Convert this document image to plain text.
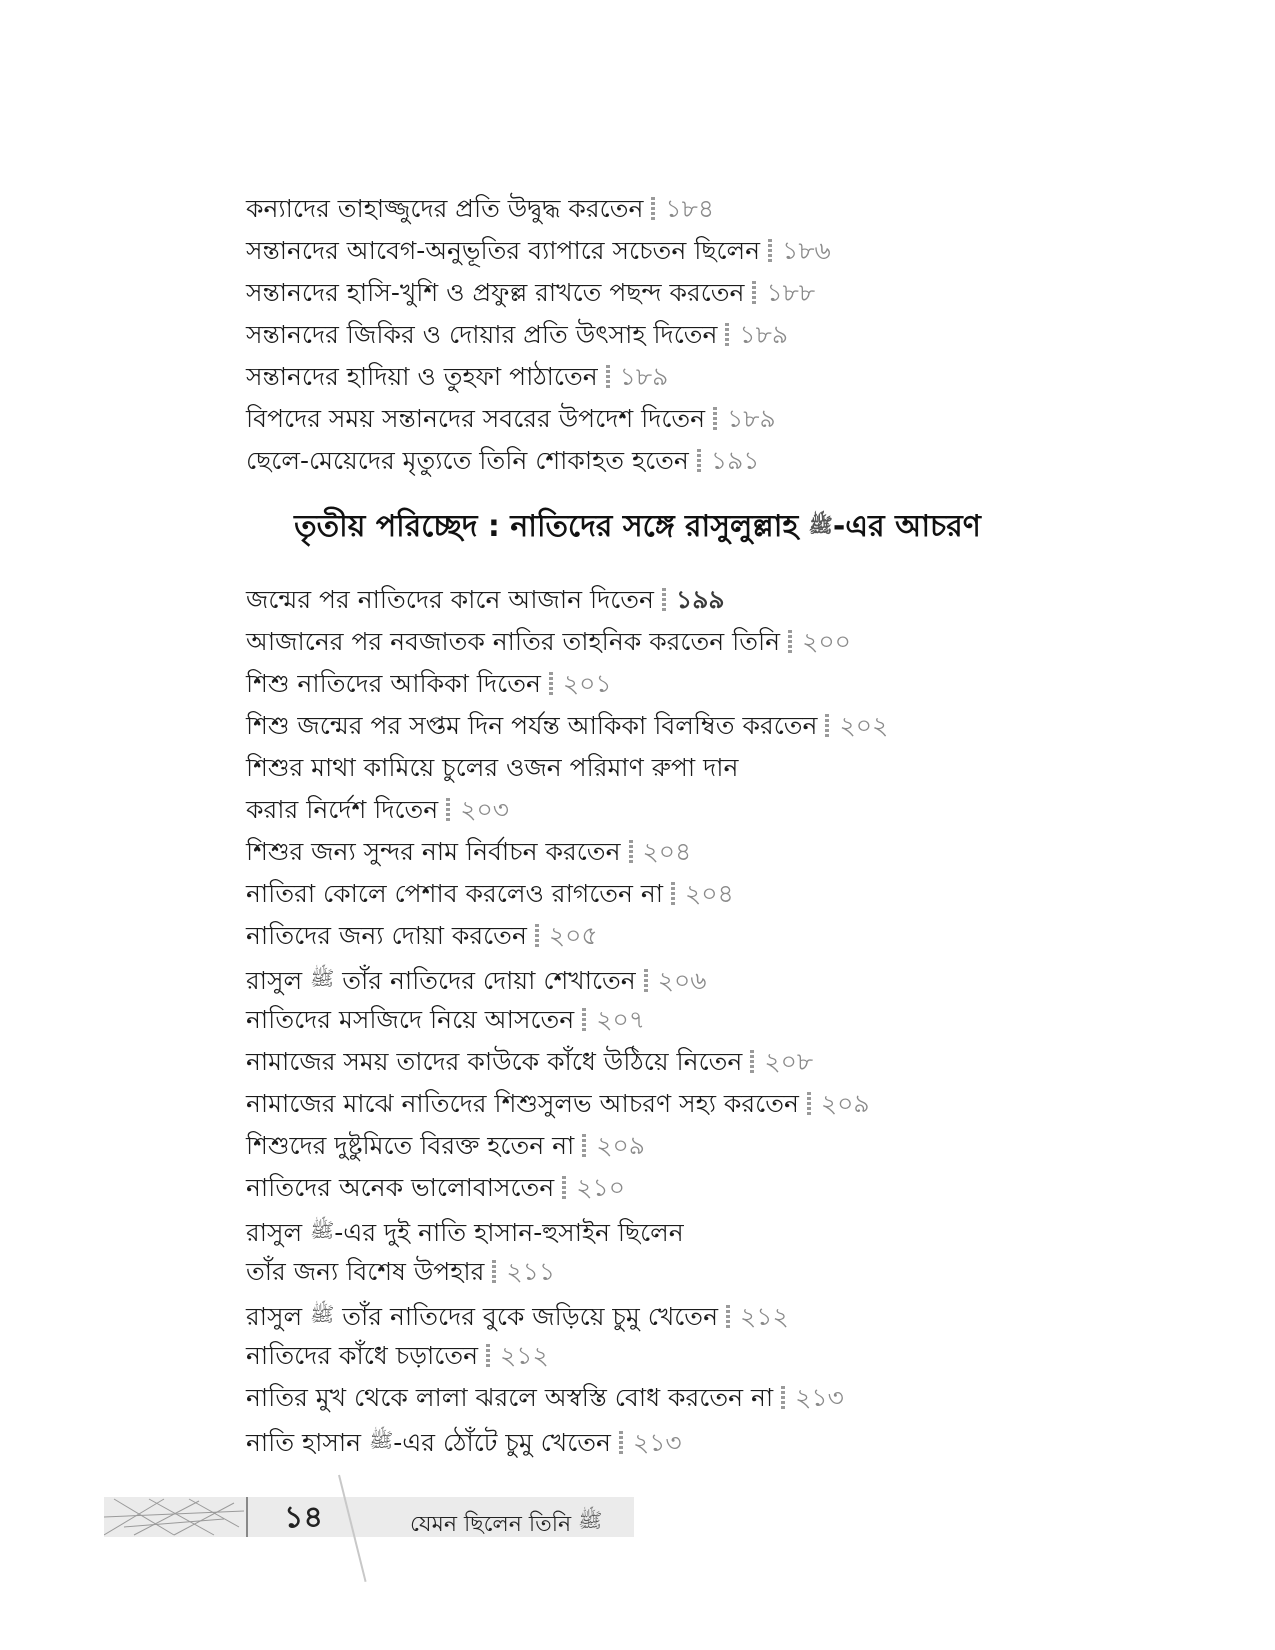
কন্যাদের তাহাজ্জুদের প্রতি উদ্বুদ্ধ করতেন ১৮৪
সন্তানদের আবেগ-অনুভূতির ব্যাপারে সচেতন ছিলেন ১৮৬
সন্তানদের হাসি-খুশি ও প্রফুল্ল রাখতে পছন্দ করতেন ১৮৮
সন্তানদের জিকির ও দোয়ার প্রতি উৎসাহ দিতেন ১৮৯
সন্তানদের হাদিয়া ও তুহফা পাঠাতেন ১৮৯
বিপদের সময় সন্তানদের সবরের উপদেশ দিতেন ১৮৯
ছেলে-মেয়েদের মৃত্যুতে তিনি শোকাহত হতেন ১৯১
তৃতীয় পরিচ্ছেদ : নাতিদের সঙ্গে রাসুলুল্লাহ ﷺ-এর আচরণ
জন্মের পর নাতিদের কানে আজান দিতেন ১৯৯
আজানের পর নবজাতক নাতির তাহনিক করতেন তিনি ২০০
শিশু নাতিদের আকিকা দিতেন ২০১
শিশু জন্মের পর সপ্তম দিন পর্যন্ত আকিকা বিলম্বিত করতেন ২০২
শিশুর মাথা কামিয়ে চুলের ওজন পরিমাণ রুপা দান
করার নির্দেশ দিতেন ২০৩
শিশুর জন্য সুন্দর নাম নির্বাচন করতেন ২০৪
নাতিরা কোলে পেশাব করলেও রাগতেন না ২০৪
নাতিদের জন্য দোয়া করতেন ২০৫
রাসুল ﷺ তাঁর নাতিদের দোয়া শেখাতেন ২০৬
নাতিদের মসজিদে নিয়ে আসতেন ২০৭
নামাজের সময় তাদের কাউকে কাঁধে উঠিয়ে নিতেন ২০৮
নামাজের মাঝে নাতিদের শিশুসুলভ আচরণ সহ্য করতেন ২০৯
শিশুদের দুষ্টুমিতে বিরক্ত হতেন না ২০৯
নাতিদের অনেক ভালোবাসতেন ২১০
রাসুল ﷺ-এর দুই নাতি হাসান-হুসাইন ছিলেন
তাঁর জন্য বিশেষ উপহার ২১১
রাসুল ﷺ তাঁর নাতিদের বুকে জড়িয়ে চুমু খেতেন ২১২
নাতিদের কাঁধে চড়াতেন ২১২
নাতির মুখ থেকে লালা ঝরলে অস্বস্তি বোধ করতেন না ২১৩
নাতি হাসান ﷺ-এর ঠোঁটে চুমু খেতেন ২১৩
১৪	যেমন ছিলেন তিনি ﷺ
